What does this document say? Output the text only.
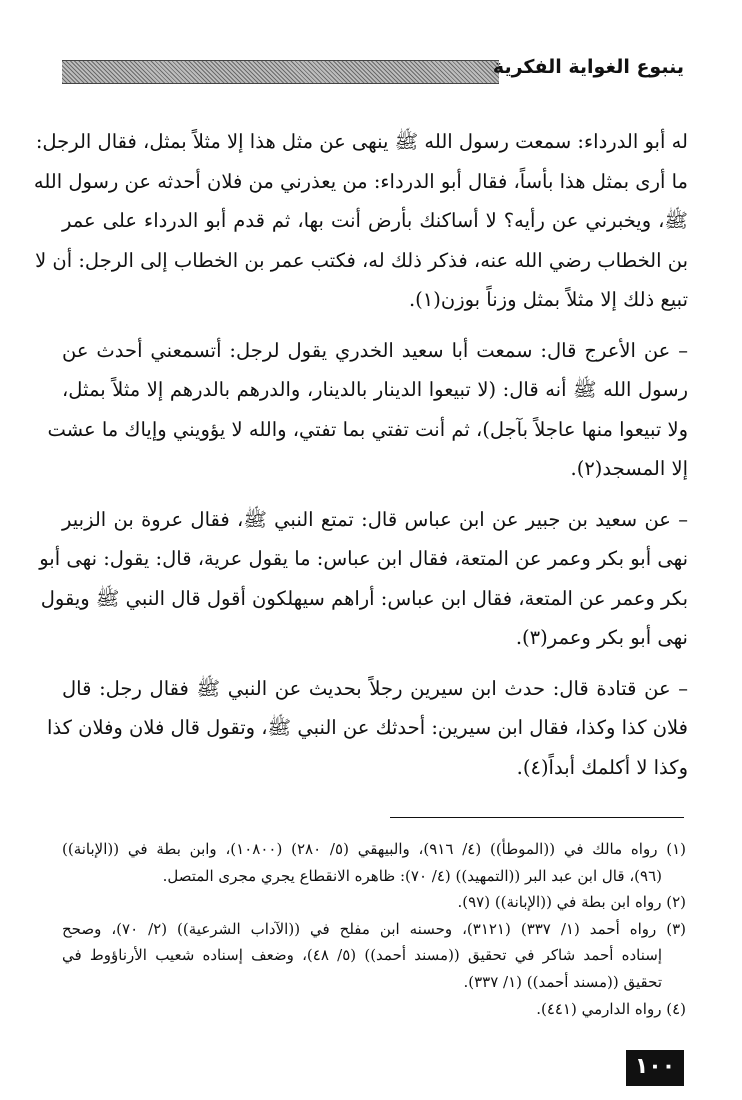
ينبوع الغواية الفكرية
له أبو الدرداء: سمعت رسول الله ﷺ ينهى عن مثل هذا إلا مثلاً بمثل، فقال الرجل:
ما أرى بمثل هذا بأساً، فقال أبو الدرداء: من يعذرني من فلان أحدثه عن رسول الله
ﷺ، ويخبرني عن رأيه؟ لا أساكنك بأرض أنت بها، ثم قدم أبو الدرداء على عمر
بن الخطاب رضي الله عنه، فذكر ذلك له، فكتب عمر بن الخطاب إلى الرجل: أن لا
تبيع ذلك إلا مثلاً بمثل وزناً بوزن(١).
– عن الأعرج قال: سمعت أبا سعيد الخدري يقول لرجل: أتسمعني أحدث عن
رسول الله ﷺ أنه قال: (لا تبيعوا الدينار بالدينار، والدرهم بالدرهم إلا مثلاً بمثل،
ولا تبيعوا منها عاجلاً بآجل)، ثم أنت تفتي بما تفتي، والله لا يؤويني وإياك ما عشت
إلا المسجد(٢).
– عن سعيد بن جبير عن ابن عباس قال: تمتع النبي ﷺ، فقال عروة بن الزبير
نهى أبو بكر وعمر عن المتعة، فقال ابن عباس: ما يقول عرية، قال: يقول: نهى أبو
بكر وعمر عن المتعة، فقال ابن عباس: أراهم سيهلكون أقول قال النبي ﷺ ويقول
نهى أبو بكر وعمر(٣).
– عن قتادة قال: حدث ابن سيرين رجلاً بحديث عن النبي ﷺ فقال رجل: قال
فلان كذا وكذا، فقال ابن سيرين: أحدثك عن النبي ﷺ، وتقول قال فلان وفلان كذا
وكذا لا أكلمك أبداً(٤).
(١) رواه مالك في ((الموطأ)) (٤/ ٩١٦)، والبيهقي (٥/ ٢٨٠) (١٠٨٠٠)، وابن بطة في ((الإبانة))
(٩٦)، قال ابن عبد البر ((التمهيد)) (٤/ ٧٠): ظاهره الانقطاع يجري مجرى المتصل.
(٢) رواه ابن بطة في ((الإبانة)) (٩٧).
(٣) رواه أحمد (١/ ٣٣٧) (٣١٢١)، وحسنه ابن مفلح في ((الآداب الشرعية)) (٢/ ٧٠)، وصحح
إسناده أحمد شاكر في تحقيق ((مسند أحمد)) (٥/ ٤٨)، وضعف إسناده شعيب الأرناؤوط في
تحقيق ((مسند أحمد)) (١/ ٣٣٧).
(٤) رواه الدارمي (٤٤١).
١٠٠
